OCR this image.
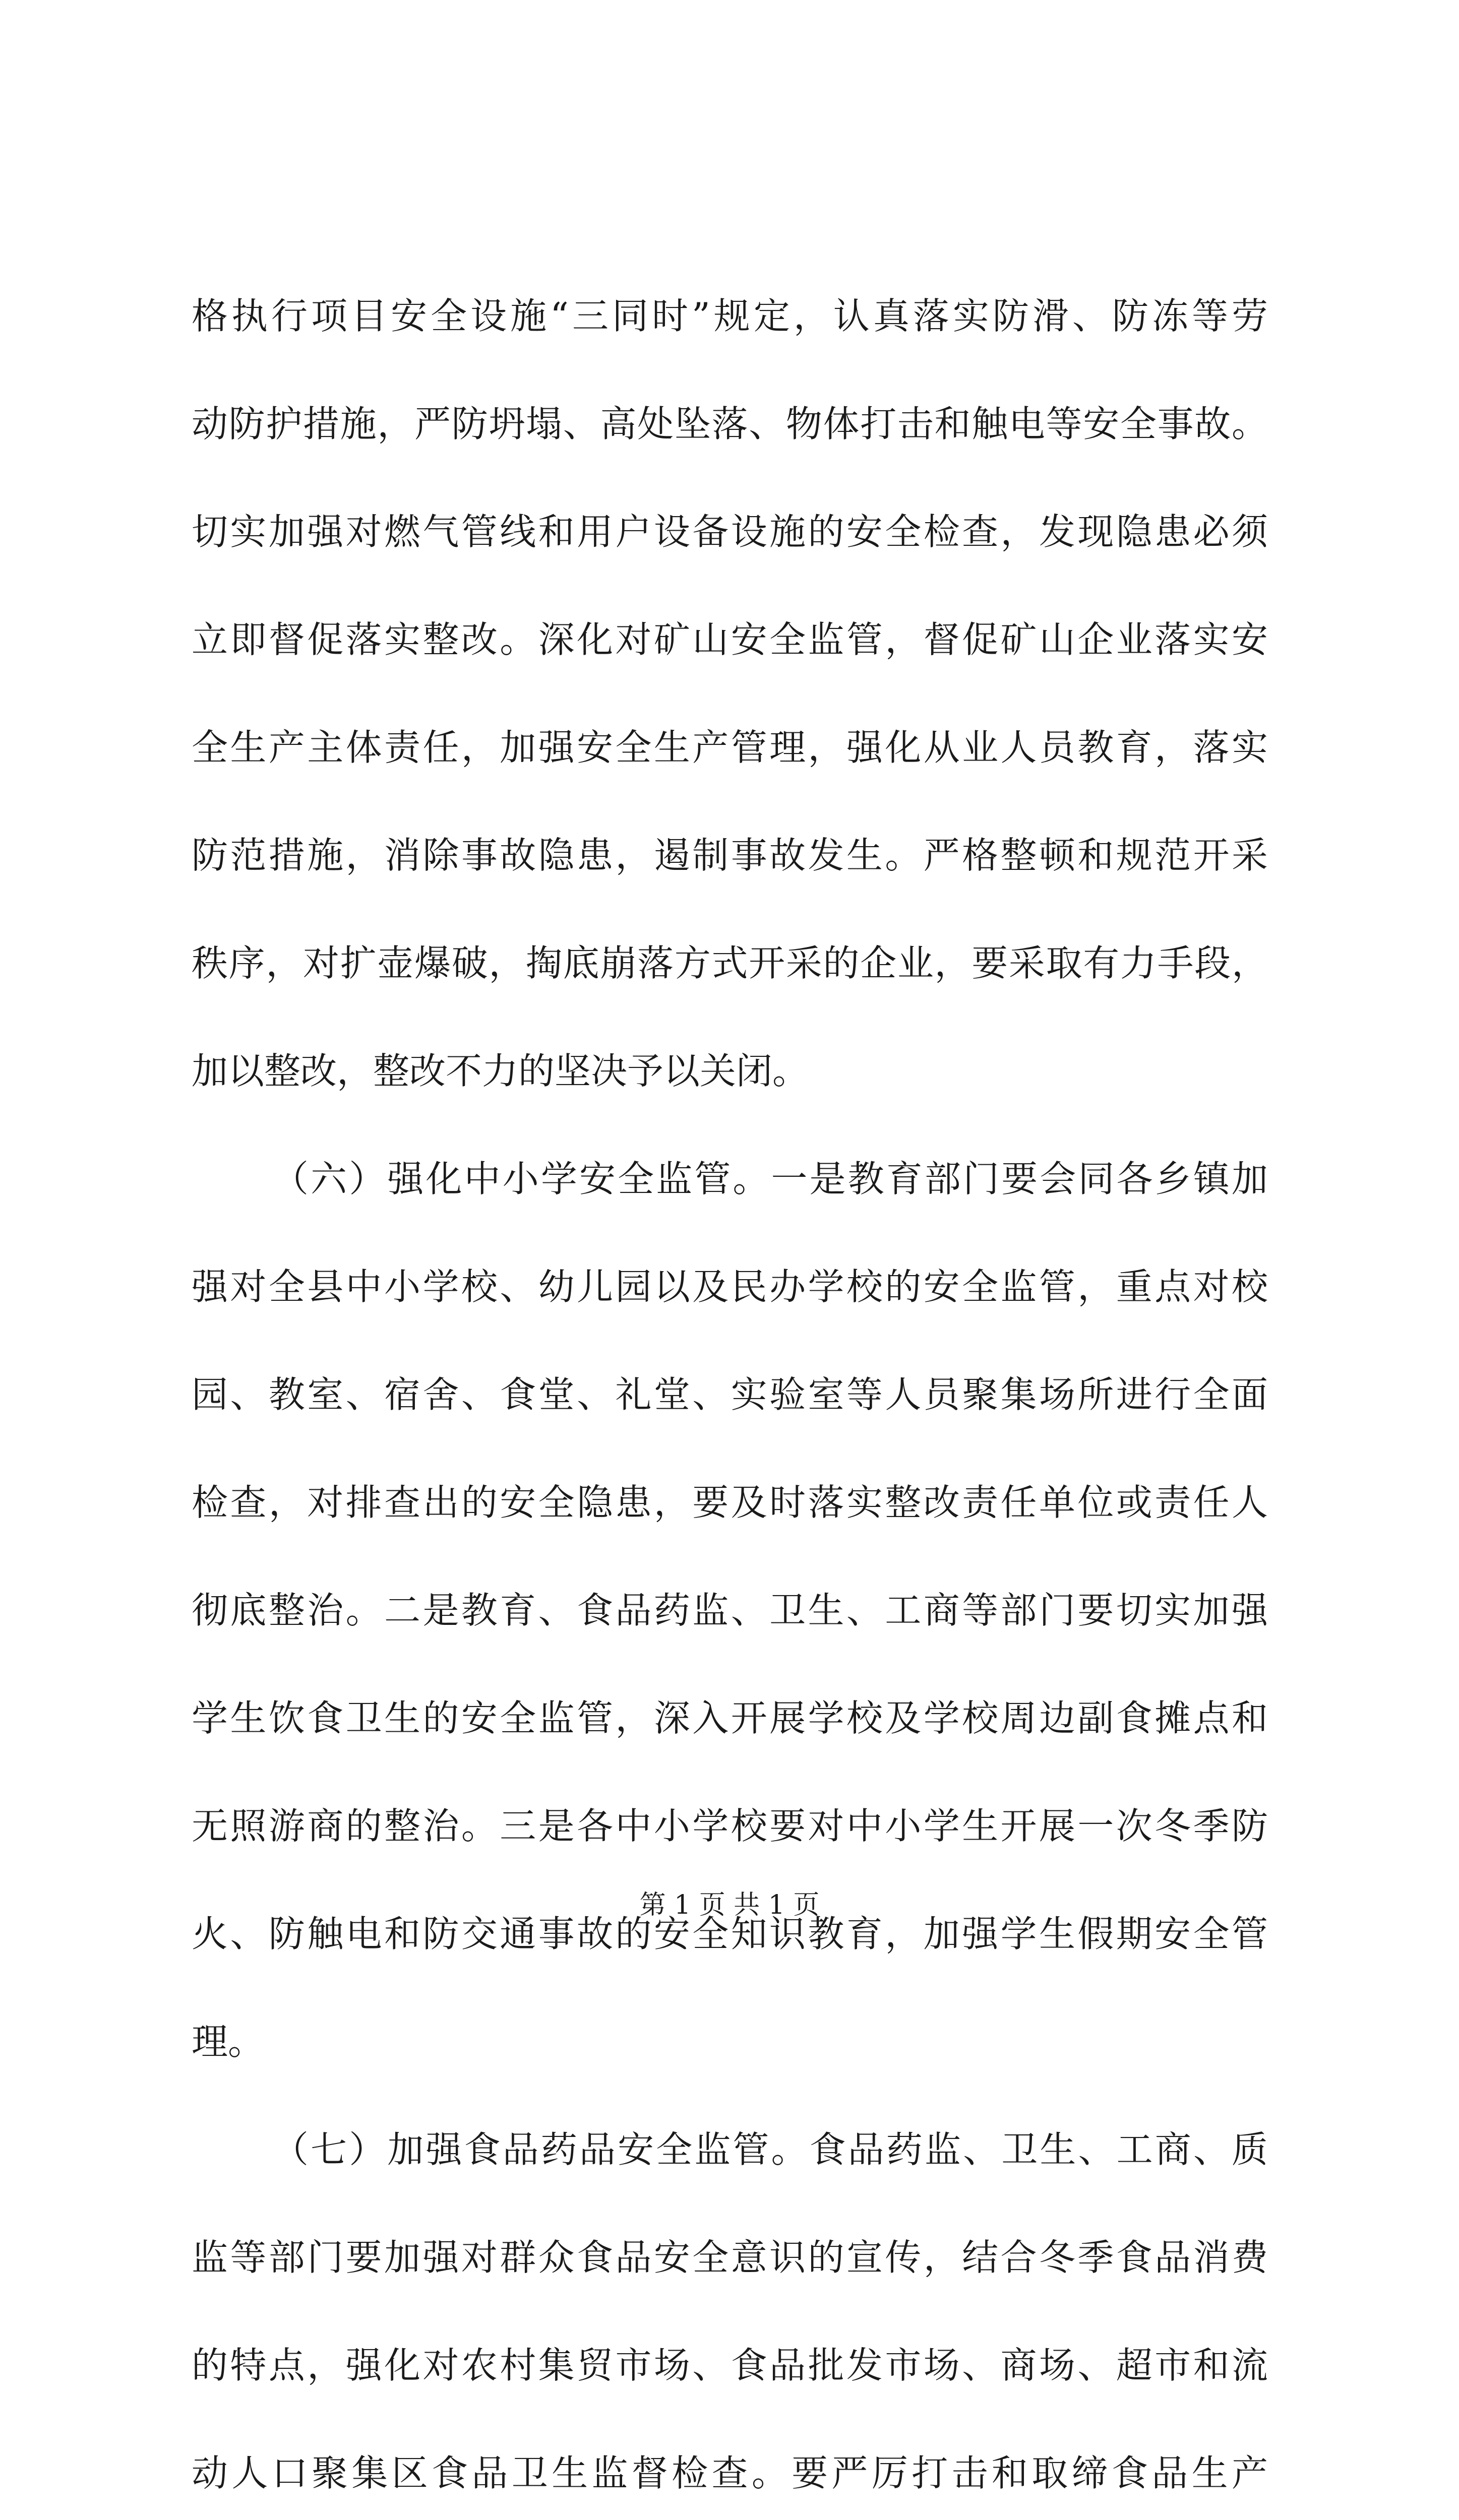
格执行项目安全设施“三同时”规定，认真落实防滑、防冻等劳
动防护措施，严防坍塌、高处坠落、物体打击和触电等安全事故。
切实加强对燃气管线和用户设备设施的安全检查，发现隐患必须
立即督促落实整改。深化对矿山安全监管，督促矿山企业落实安
全生产主体责任，加强安全生产管理，强化从业人员教育，落实
防范措施，消除事故隐患，遏制事故发生。严格整顿和规范开采
秩序，对扩壶爆破，掏底崩落方式开采的企业，要采取有力手段，
加以整改，整改不力的坚决予以关闭。
（六）强化中小学安全监管。一是教育部门要会同各乡镇加
强对全县中小学校、幼儿园以及民办学校的安全监管，重点对校
园、教室、宿舍、食堂、礼堂、实验室等人员聚集场所进行全面
检查，对排查出的安全隐患，要及时落实整改责任单位或责任人
彻底整治。二是教育、食品药监、卫生、工商等部门要切实加强
学生饮食卫生的安全监管，深入开展学校及学校周边副食摊点和
无照游商的整治。三是各中小学校要对中小学生开展一次冬季防
火、防触电和防交通事故的安全知识教育，加强学生假期安全管
理。
（七）加强食品药品安全监管。食品药监、卫生、工商、质
监等部门要加强对群众食品安全意识的宣传，结合冬季食品消费
的特点，强化对农村集贸市场、食品批发市场、商场、超市和流
动人口聚集区食品卫生监督检查。要严厉打击和取缔食品生产
第 1 页 共 1 页
